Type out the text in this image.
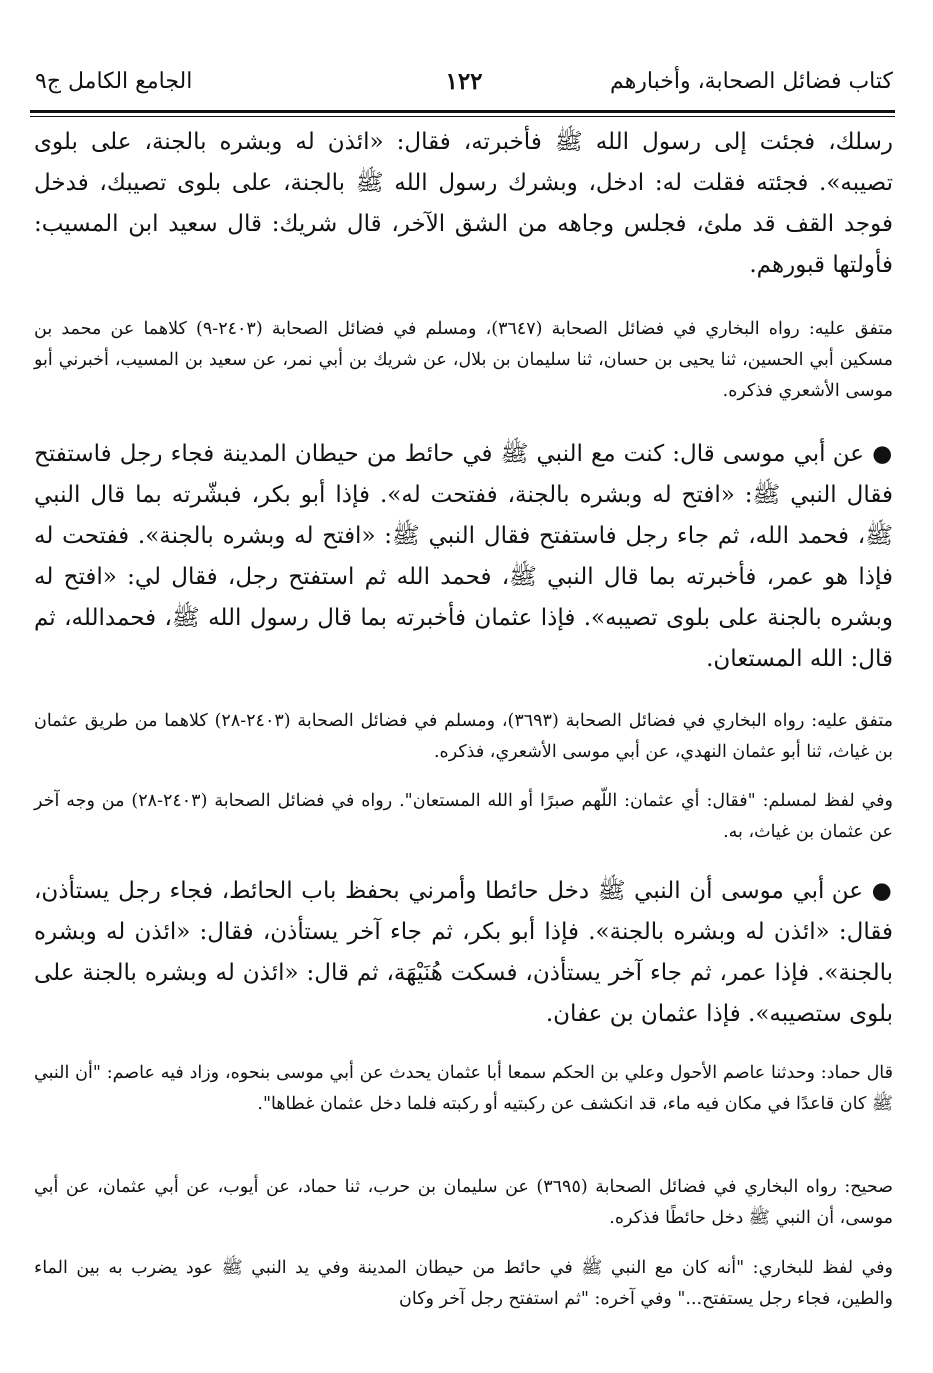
كتاب فضائل الصحابة، وأخبارهم
١٢٢
الجامع الكامل ج٩

رسلك، فجئت إلى رسول الله ﷺ فأخبرته، فقال: «ائذن له وبشره بالجنة، على بلوى تصيبه». فجئته فقلت له: ادخل، وبشرك رسول الله ﷺ بالجنة، على بلوى تصيبك، فدخل فوجد القف قد ملئ، فجلس وجاهه من الشق الآخر، قال شريك: قال سعيد ابن المسيب: فأولتها قبورهم.

متفق عليه: رواه البخاري في فضائل الصحابة (٣٦٤٧)، ومسلم في فضائل الصحابة (٢٤٠٣-٩) كلاهما عن محمد بن مسكين أبي الحسين، ثنا يحيى بن حسان، ثنا سليمان بن بلال، عن شريك بن أبي نمر، عن سعيد بن المسيب، أخبرني أبو موسى الأشعري فذكره.

● عن أبي موسى قال: كنت مع النبي ﷺ في حائط من حيطان المدينة فجاء رجل فاستفتح فقال النبي ﷺ: «افتح له وبشره بالجنة، ففتحت له». فإذا أبو بكر، فبشّرته بما قال النبي ﷺ، فحمد الله، ثم جاء رجل فاستفتح فقال النبي ﷺ: «افتح له وبشره بالجنة». ففتحت له فإذا هو عمر، فأخبرته بما قال النبي ﷺ، فحمد الله ثم استفتح رجل، فقال لي: «افتح له وبشره بالجنة على بلوى تصيبه». فإذا عثمان فأخبرته بما قال رسول الله ﷺ، فحمدالله، ثم قال: الله المستعان.

متفق عليه: رواه البخاري في فضائل الصحابة (٣٦٩٣)، ومسلم في فضائل الصحابة (٢٤٠٣-٢٨) كلاهما من طريق عثمان بن غياث، ثنا أبو عثمان النهدي، عن أبي موسى الأشعري، فذكره.

وفي لفظ لمسلم: "فقال: أي عثمان: اللّهم صبرًا أو الله المستعان". رواه في فضائل الصحابة (٢٤٠٣-٢٨) من وجه آخر عن عثمان بن غياث، به.

● عن أبي موسى أن النبي ﷺ دخل حائطا وأمرني بحفظ باب الحائط، فجاء رجل يستأذن، فقال: «ائذن له وبشره بالجنة». فإذا أبو بكر، ثم جاء آخر يستأذن، فقال: «ائذن له وبشره بالجنة». فإذا عمر، ثم جاء آخر يستأذن، فسكت هُنَيْهَة، ثم قال: «ائذن له وبشره بالجنة على بلوى ستصيبه». فإذا عثمان بن عفان.

قال حماد: وحدثنا عاصم الأحول وعلي بن الحكم سمعا أبا عثمان يحدث عن أبي موسى بنحوه، وزاد فيه عاصم: "أن النبي ﷺ كان قاعدًا في مكان فيه ماء، قد انكشف عن ركبتيه أو ركبته فلما دخل عثمان غطاها".

صحيح: رواه البخاري في فضائل الصحابة (٣٦٩٥) عن سليمان بن حرب، ثنا حماد، عن أيوب، عن أبي عثمان، عن أبي موسى، أن النبي ﷺ دخل حائطًا فذكره.

وفي لفظ للبخاري: "أنه كان مع النبي ﷺ في حائط من حيطان المدينة وفي يد النبي ﷺ عود يضرب به بين الماء والطين، فجاء رجل يستفتح..." وفي آخره: "ثم استفتح رجل آخر وكان
